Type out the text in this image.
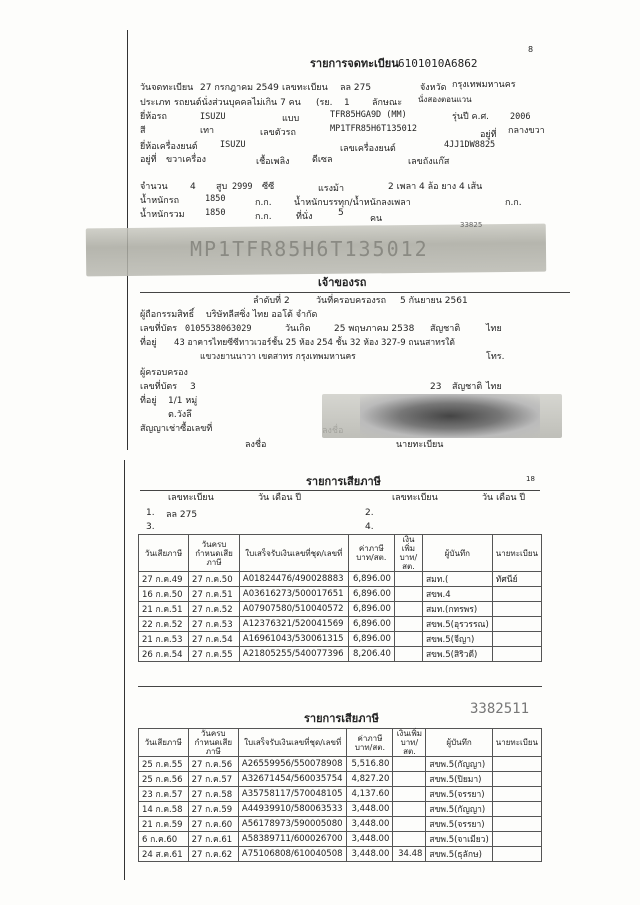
8
รายการจดทะเบียน 6101010А6862
วันจดทะเบียน 27 กรกฎาคม 2549 เลขทะเบียน ลล 275	จังหวัด กรุงเทพมหานคร
ประเภท รถยนต์นั่งส่วนบุคคลไม่เกิน 7 คน (รย. 1 ลักษณะ นั่งสองตอนแวน
ยี่ห้อรถ	ISUZU	แบบ	TFR85HGA9D (MM)	รุ่นปี ค.ศ. 2006
สี	เทา	เลขตัวรถ	MP1TFR85H6T135012
อยู่ที่ กลางขวา
ยี่ห้อเครื่องยนต์	ISUZU	เลขเครื่องยนต์	4JJ1DW8825
อยู่ที่ ขวาเครื่อง	เชื้อเพลิง ดีเซล	เลขถังแก๊ส
จำนวน 4 สูบ 2999 ซีซี	แรงม้า	2 เพลา 4 ล้อ ยาง 4 เส้น
น้ำหนักรถ	1850	ก.ก. น้ำหนักบรรทุก/น้ำหนักลงเพลา	ก.ก.
น้ำหนักรวม 1850	ก.ก.	ที่นั่ง	5
คน
MP1TFR85H6T135012
33825
เจ้าของรถ
ลำดับที่ 2	วันที่ครอบครองรถ 5 กันยายน 2561
ผู้ถือกรรมสิทธิ์ บริษัทลีสซิ่ง ไทย ออโต้ จำกัด
เลขที่บัตร 0105538063029	วันเกิด	25 พฤษภาคม 2538 สัญชาติ	ไทย
ที่อยู่ 43 อาคารไทยซีซีทาวเวอร์ชั้น 25 ห้อง 254 ชั้น 32 ห้อง 327-9 ถนนสาทรใต้
แขวงยานนาวา เขตสาทร กรุงเทพมหานคร	โทร.
ผู้ครอบครอง
เลขที่บัตร 3	23 สัญชาติ ไทย
ที่อยู่ 1/1 หมู่
ต.วังลึ
สัญญาเช่าซื้อเลขที่
ลงชื่อ	นายทะเบียน
รายการเสียภาษี	18
เลขทะเบียน	วัน เดือน ปี	เลขทะเบียน	วัน เดือน ปี
1. ลล 275	2.
3.	4.
วันเสียภาษี	วันครบกำหนดเสียภาษี	ใบเสร็จรับเงินเลขที่ชุด/เลขที่	ค่าภาษี บาท/สต.	เงินเพิ่ม บาท/สต.	ผู้บันทึก	นายทะเบียน
27 ก.ค.49	27 ก.ค.50	A01824476/490028883	6,896.00		สมท.(	ทัศนีย์
16 ก.ค.50	27 ก.ค.51	A03616273/500017651	6,896.00		สขพ.4	
21 ก.ค.51	27 ก.ค.52	A07907580/510040572	6,896.00		สมท.(กทรพร)	
22 ก.ค.52	27 ก.ค.53	A12376321/520041569	6,896.00		สขพ.5(อุรวรรณ)	
21 ก.ค.53	27 ก.ค.54	A16961043/530061315	6,896.00		สขพ.5(จีญา)	
26 ก.ค.54	27 ก.ค.55	A21805255/540077396	8,206.40		สขพ.5(สิริวดี)	
3382511
รายการเสียภาษี
วันเสียภาษี	วันครบกำหนดเสียภาษี	ใบเสร็จรับเงินเลขที่ชุด/เลขที่	ค่าภาษี บาท/สต.	เงินเพิ่ม บาท/สต.	ผู้บันทึก	นายทะเบียน
25 ก.ค.55	27 ก.ค.56	A26559956/550078908	5,516.80		สขพ.5(กัญญา)	
25 ก.ค.56	27 ก.ค.57	A32671454/560035754	4,827.20		สขพ.5(ปิยมา)	
23 ก.ค.57	27 ก.ค.58	A35758117/570048105	4,137.60		สขพ.5(จรรยา)	
14 ก.ค.58	27 ก.ค.59	A44939910/580063533	3,448.00		สขพ.5(กัญญา)	
21 ก.ค.59	27 ก.ค.60	A56178973/590005080	3,448.00		สขพ.5(จรรยา)	
6 ก.ค.60	27 ก.ค.61	A58389711/600026700	3,448.00		สขพ.5(จาเมียว)	
24 ส.ค.61	27 ก.ค.62	A75106808/610040508	3,448.00	34.48	สขพ.5(ธุลักษ)	
